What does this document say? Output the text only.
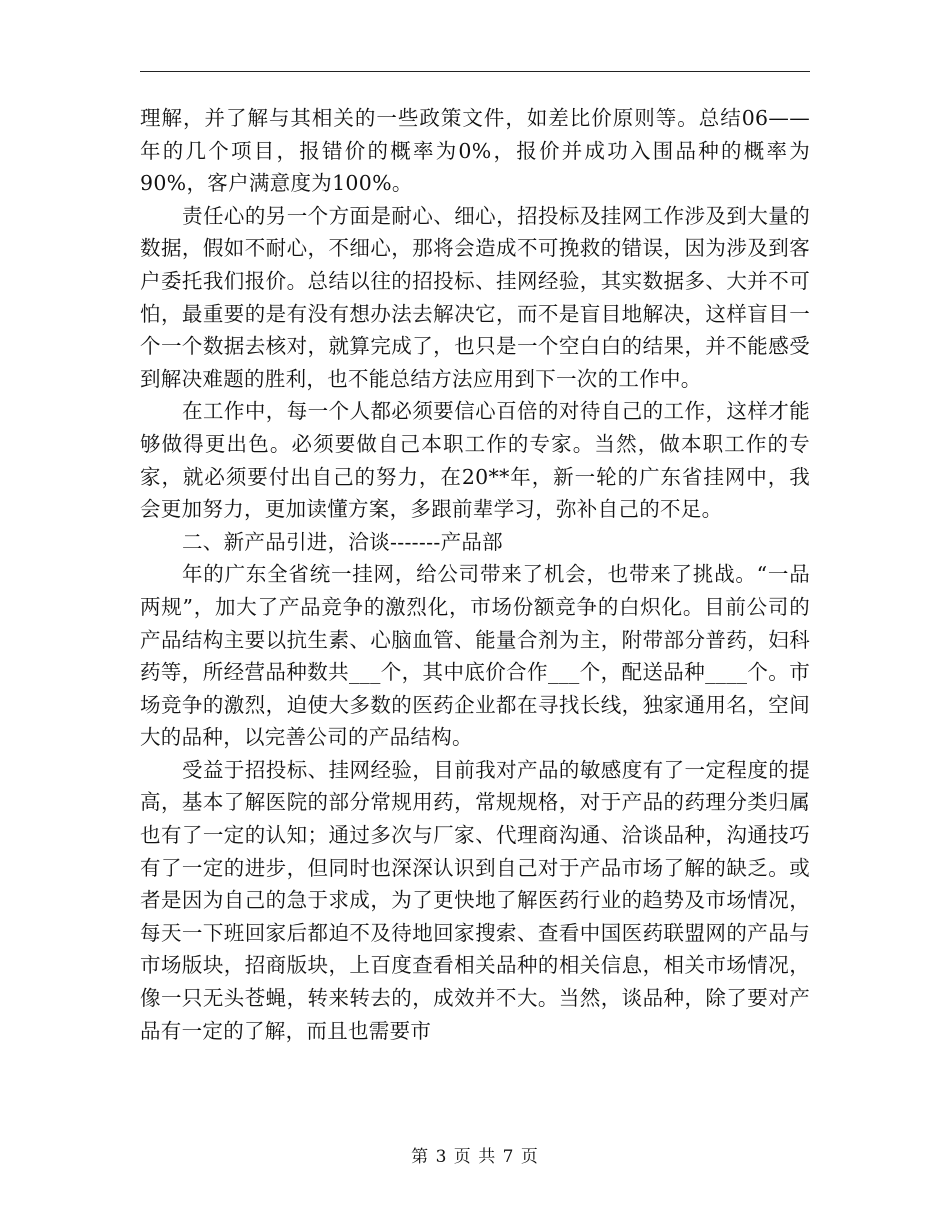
理解，并了解与其相关的一些政策文件，如差比价原则等。总结06——年的几个项目，报错价的概率为0%，报价并成功入围品种的概率为90%，客户满意度为100%。

责任心的另一个方面是耐心、细心，招投标及挂网工作涉及到大量的数据，假如不耐心，不细心，那将会造成不可挽救的错误，因为涉及到客户委托我们报价。总结以往的招投标、挂网经验，其实数据多、大并不可怕，最重要的是有没有想办法去解决它，而不是盲目地解决，这样盲目一个一个数据去核对，就算完成了，也只是一个空白白的结果，并不能感受到解决难题的胜利，也不能总结方法应用到下一次的工作中。

在工作中，每一个人都必须要信心百倍的对待自己的工作，这样才能够做得更出色。必须要做自己本职工作的专家。当然，做本职工作的专家，就必须要付出自己的努力，在20**年，新一轮的广东省挂网中，我会更加努力，更加读懂方案，多跟前辈学习，弥补自己的不足。

二、新产品引进，洽谈-------产品部

年的广东全省统一挂网，给公司带来了机会，也带来了挑战。“一品两规”，加大了产品竞争的激烈化，市场份额竞争的白炽化。目前公司的产品结构主要以抗生素、心脑血管、能量合剂为主，附带部分普药，妇科药等，所经营品种数共___个，其中底价合作___个，配送品种____个。市场竞争的激烈，迫使大多数的医药企业都在寻找长线，独家通用名，空间大的品种，以完善公司的产品结构。

受益于招投标、挂网经验，目前我对产品的敏感度有了一定程度的提高，基本了解医院的部分常规用药，常规规格，对于产品的药理分类归属也有了一定的认知；通过多次与厂家、代理商沟通、洽谈品种，沟通技巧有了一定的进步，但同时也深深认识到自己对于产品市场了解的缺乏。或者是因为自己的急于求成，为了更快地了解医药行业的趋势及市场情况，每天一下班回家后都迫不及待地回家搜索、查看中国医药联盟网的产品与市场版块，招商版块，上百度查看相关品种的相关信息，相关市场情况，像一只无头苍蝇，转来转去的，成效并不大。当然，谈品种，除了要对产品有一定的了解，而且也需要市

第 3 页 共 7 页
